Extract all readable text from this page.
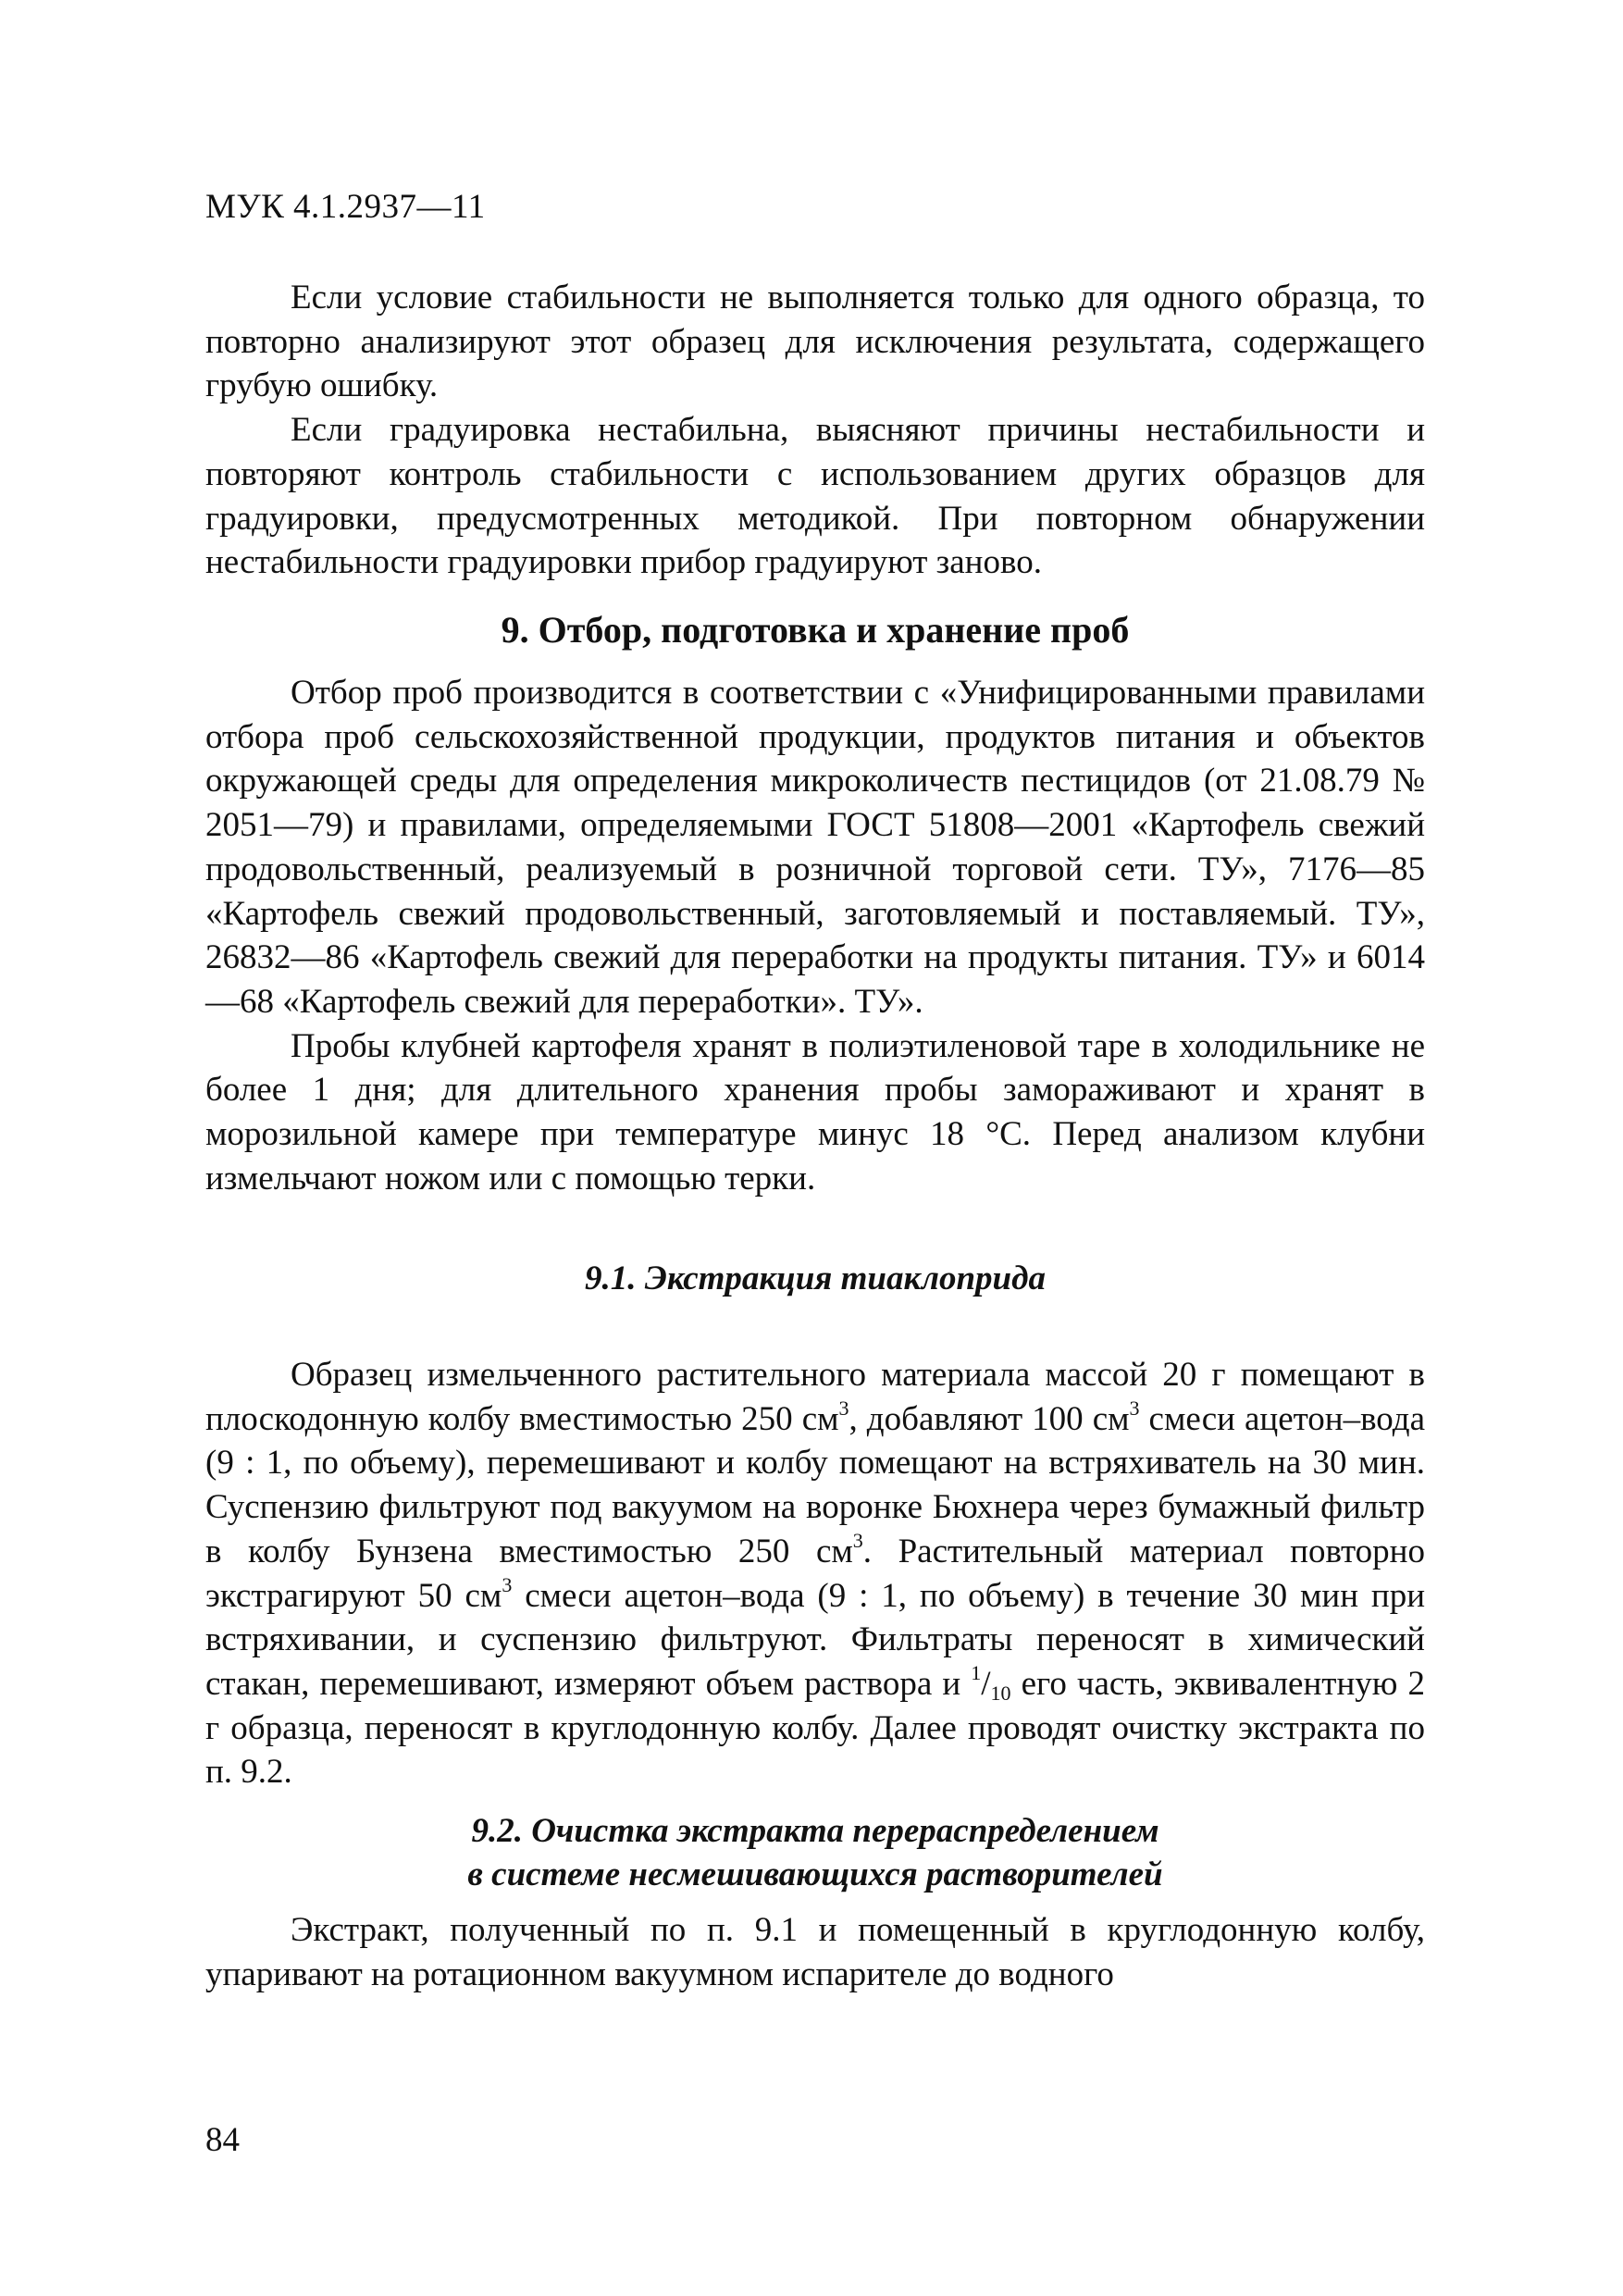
МУК 4.1.2937—11

Если условие стабильности не выполняется только для одного образца, то повторно анализируют этот образец для исключения результата, содержащего грубую ошибку.

Если градуировка нестабильна, выясняют причины нестабильности и повторяют контроль стабильности с использованием других образцов для градуировки, предусмотренных методикой. При повторном обнаружении нестабильности градуировки прибор градуируют заново.

9. Отбор, подготовка и хранение проб

Отбор проб производится в соответствии с «Унифицированными правилами отбора проб сельскохозяйственной продукции, продуктов питания и объектов окружающей среды для определения микроколичеств пестицидов (от 21.08.79 № 2051—79) и правилами, определяемыми ГОСТ 51808—2001 «Картофель свежий продовольственный, реализуемый в розничной торговой сети. ТУ», 7176—85 «Картофель свежий продовольственный, заготовляемый и поставляемый. ТУ», 26832—86 «Картофель свежий для переработки на продукты питания. ТУ» и 6014—68 «Картофель свежий для переработки». ТУ».

Пробы клубней картофеля хранят в полиэтиленовой таре в холодильнике не более 1 дня; для длительного хранения пробы замораживают и хранят в морозильной камере при температуре минус 18 °С. Перед анализом клубни измельчают ножом или с помощью терки.

9.1. Экстракция тиаклоприда

Образец измельченного растительного материала массой 20 г помещают в плоскодонную колбу вместимостью 250 $см^3$, добавляют 100 $см^3$ смеси ацетон–вода (9 : 1, по объему), перемешивают и колбу помещают на встряхиватель на 30 мин. Суспензию фильтруют под вакуумом на воронке Бюхнера через бумажный фильтр в колбу Бунзена вместимостью 250 $см^3$. Растительный материал повторно экстрагируют 50 $см^3$ смеси ацетон–вода (9 : 1, по объему) в течение 30 мин при встряхивании, и суспензию фильтруют. Фильтраты переносят в химический стакан, перемешивают, измеряют объем раствора и $^1/_{10}$ его часть, эквивалентную 2 г образца, переносят в круглодонную колбу. Далее проводят очистку экстракта по п. 9.2.

9.2. Очистка экстракта перераспределением
в системе несмешивающихся растворителей

Экстракт, полученный по п. 9.1 и помещенный в круглодонную колбу, упаривают на ротационном вакуумном испарителе до водного

84
